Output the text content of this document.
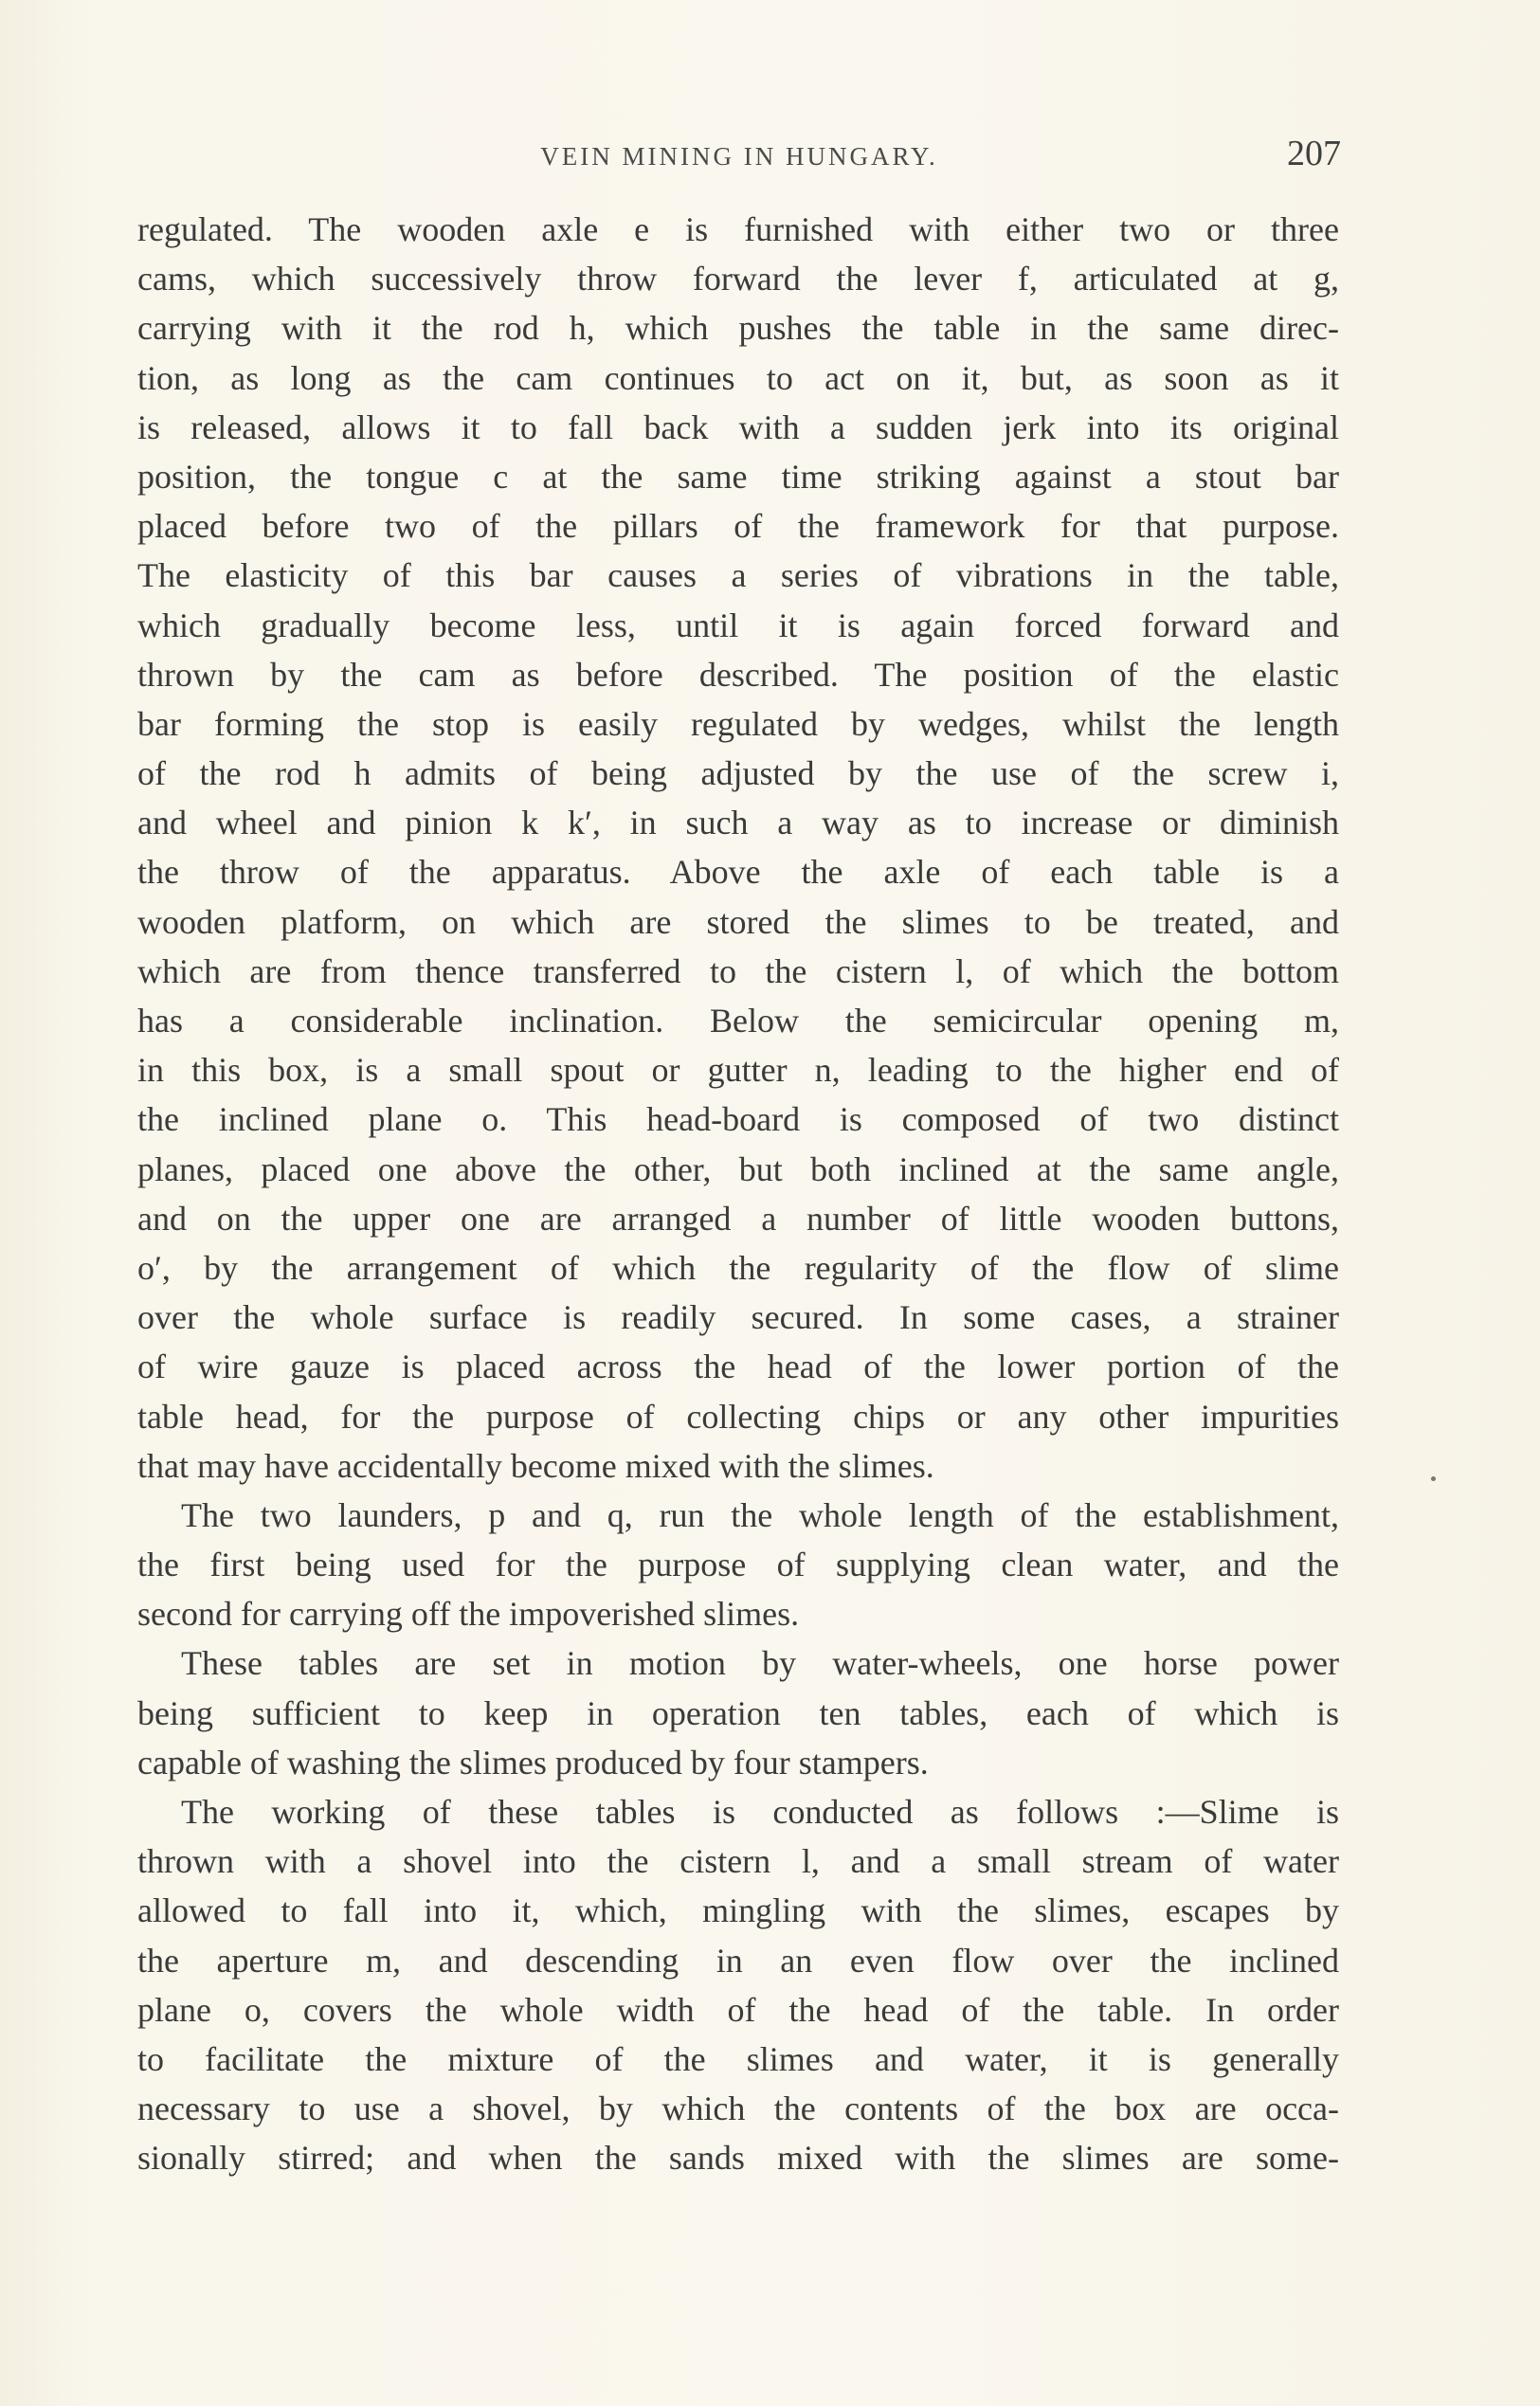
VEIN MINING IN HUNGARY.	207
regulated. The wooden axle e is furnished with either two or three
cams, which successively throw forward the lever f, articulated at g,
carrying with it the rod h, which pushes the table in the same direc-
tion, as long as the cam continues to act on it, but, as soon as it
is released, allows it to fall back with a sudden jerk into its original
position, the tongue c at the same time striking against a stout bar
placed before two of the pillars of the framework for that purpose.
The elasticity of this bar causes a series of vibrations in the table,
which gradually become less, until it is again forced forward and
thrown by the cam as before described. The position of the elastic
bar forming the stop is easily regulated by wedges, whilst the length
of the rod h admits of being adjusted by the use of the screw i,
and wheel and pinion k k′, in such a way as to increase or diminish
the throw of the apparatus. Above the axle of each table is a
wooden platform, on which are stored the slimes to be treated, and
which are from thence transferred to the cistern l, of which the bottom
has a considerable inclination. Below the semicircular opening m,
in this box, is a small spout or gutter n, leading to the higher end of
the inclined plane o. This head-board is composed of two distinct
planes, placed one above the other, but both inclined at the same angle,
and on the upper one are arranged a number of little wooden buttons,
o′, by the arrangement of which the regularity of the flow of slime
over the whole surface is readily secured. In some cases, a strainer
of wire gauze is placed across the head of the lower portion of the
table head, for the purpose of collecting chips or any other impurities
that may have accidentally become mixed with the slimes.
The two launders, p and q, run the whole length of the establishment,
the first being used for the purpose of supplying clean water, and the
second for carrying off the impoverished slimes.
These tables are set in motion by water-wheels, one horse power
being sufficient to keep in operation ten tables, each of which is
capable of washing the slimes produced by four stampers.
The working of these tables is conducted as follows :—Slime is
thrown with a shovel into the cistern l, and a small stream of water
allowed to fall into it, which, mingling with the slimes, escapes by
the aperture m, and descending in an even flow over the inclined
plane o, covers the whole width of the head of the table. In order
to facilitate the mixture of the slimes and water, it is generally
necessary to use a shovel, by which the contents of the box are occa-
sionally stirred; and when the sands mixed with the slimes are some-
